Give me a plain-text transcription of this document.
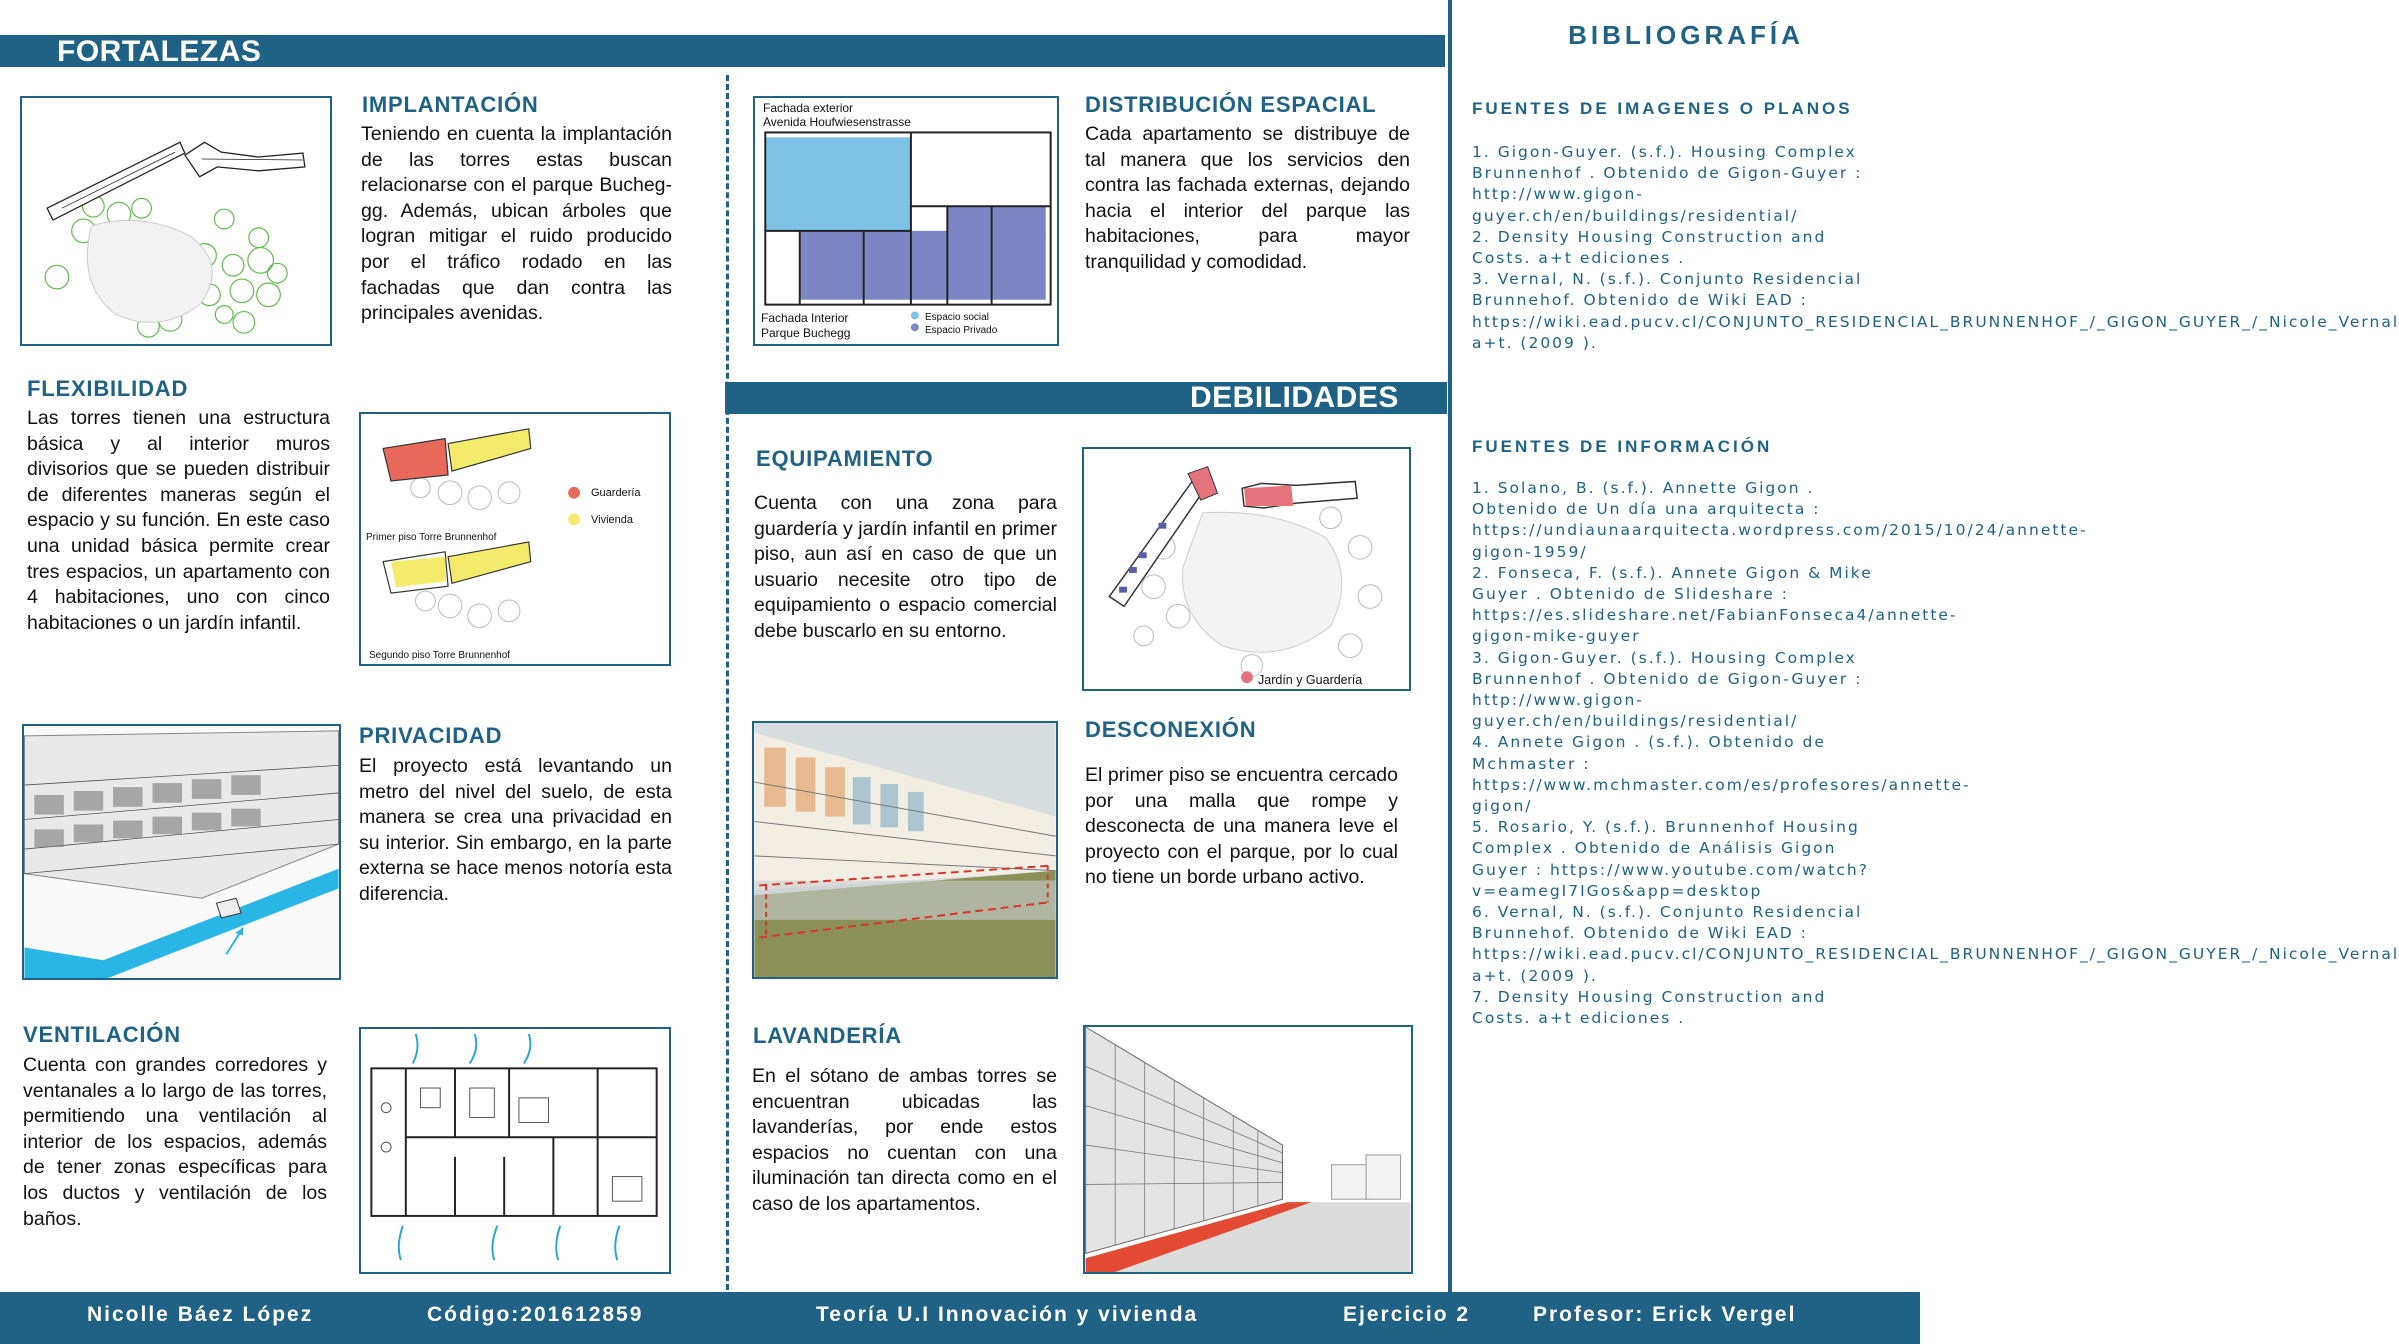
FORTALEZAS
DEBILIDADES
IMPLANTACIÓN
Teniendo en cuenta la implantación de las torres estas buscan relacionarse con el parque Bucheg-gg. Además, ubican árboles que logran mitigar el ruido producido por el tráfico rodado en las fachadas que dan contra las principales avenidas.
FLEXIBILIDAD
Las torres tienen una estructura básica y al interior muros divisorios que se pueden distribuir de diferentes maneras según el espacio y su función. En este caso una unidad básica permite crear tres espacios, un apartamento con 4 habitaciones, uno con cinco habitaciones o un jardín infantil.
Guardería
Vivienda
Primer piso Torre Brunnenhof
Segundo piso Torre Brunnenhof
PRIVACIDAD
El proyecto está levantando un metro del nivel del suelo, de esta manera se crea una privacidad en su interior. Sin embargo, en la parte externa se hace menos notoría esta diferencia.
VENTILACIÓN
Cuenta con grandes corredores y ventanales a lo largo de las torres, permitiendo una ventilación al interior de los espacios, además de tener zonas específicas para los ductos y ventilación de los baños.
Fachada exterior
Avenida Houfwiesenstrasse
Fachada Interior
Parque Buchegg
Espacio social
Espacio Privado
DISTRIBUCIÓN ESPACIAL
Cada apartamento se distribuye de tal manera que los servicios den contra las fachada externas, dejando hacia el interior del parque las habitaciones, para mayor tranquilidad y comodidad.
EQUIPAMIENTO
Cuenta con una zona para guardería y jardín infantil en primer piso, aun así en caso de que un usuario necesite otro tipo de equipamiento o espacio comercial debe buscarlo en su entorno.
Jardín y Guardería
DESCONEXIÓN
El primer piso se encuentra cercado por una malla que rompe y desconecta de una manera leve el proyecto con el parque, por lo cual no tiene un borde urbano activo.
LAVANDERÍA
En el sótano de ambas torres se encuentran ubicadas las lavanderías, por ende estos espacios no cuentan con una iluminación tan directa como en el caso de los apartamentos.
BIBLIOGRAFÍA
FUENTES DE IMAGENES O PLANOS

1. Gigon-Guyer. (s.f.). Housing Complex Brunnenhof . Obtenido de Gigon-Guyer : http://www.gigon-guyer.ch/en/buildings/residential/

2. Density Housing Construction and Costs. a+t ediciones .

3. Vernal, N. (s.f.). Conjunto Residencial Brunnehof. Obtenido de Wiki EAD : https://wiki.ead.pucv.cl/CONJUNTO_RESIDENCIAL_BRUNNENHOF_/_GIGON_GUYER_/_Nicole_Vernal

a+t. (2009 ).

FUENTES DE INFORMACIÓN

1. Solano, B. (s.f.). Annette Gigon . Obtenido de Un día una arquitecta : https://undiaunaarquitecta.wordpress.com/2015/10/24/annette-gigon-1959/

2. Fonseca, F. (s.f.). Annete Gigon & Mike Guyer . Obtenido de Slideshare : https://es.slideshare.net/FabianFonseca4/annette-gigon-mike-guyer

3. Gigon-Guyer. (s.f.). Housing Complex Brunnenhof . Obtenido de Gigon-Guyer : http://www.gigon-guyer.ch/en/buildings/residential/

4. Annete Gigon . (s.f.). Obtenido de Mchmaster : https://www.mchmaster.com/es/profesores/annette-gigon/

5. Rosario, Y. (s.f.). Brunnenhof Housing Complex . Obtenido de Análisis Gigon Guyer : https://www.youtube.com/watch?v=eamegI7IGos&app=desktop

6. Vernal, N. (s.f.). Conjunto Residencial Brunnehof. Obtenido de Wiki EAD : https://wiki.ead.pucv.cl/CONJUNTO_RESIDENCIAL_BRUNNENHOF_/_GIGON_GUYER_/_Nicole_Vernal

a+t. (2009 ).

7. Density Housing Construction and Costs. a+t ediciones .

Nicolle Báez López	Código:201612859	Teoría U.I Innovación y vivienda	Ejercicio 2	Profesor: Erick Vergel
